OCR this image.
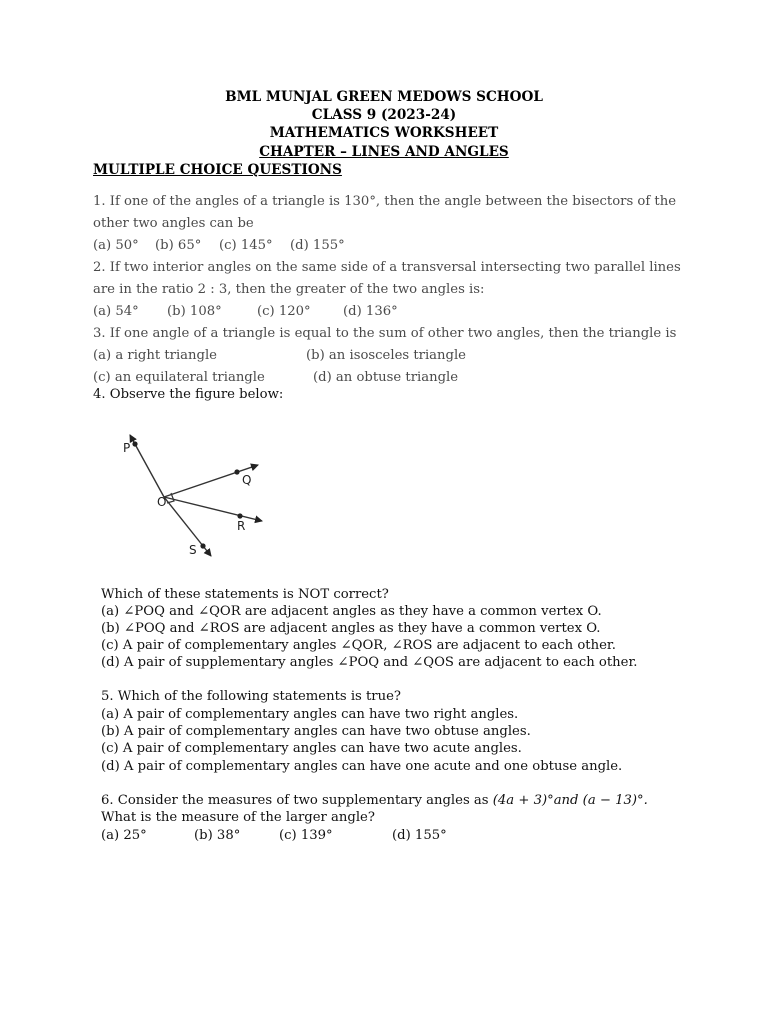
BML MUNJAL GREEN MEDOWS SCHOOL
CLASS 9 (2023-24)
MATHEMATICS WORKSHEET
CHAPTER – LINES AND ANGLES
MULTIPLE CHOICE QUESTIONS
1. If one of the angles of a triangle is 130°, then the angle between the bisectors of the
other two angles can be
(a) 50° (b) 65° (c) 145° (d) 155°
2. If two interior angles on the same side of a transversal intersecting two parallel lines
are in the ratio 2 : 3, then the greater of the two angles is:
(a) 54° (b) 108°	(c) 120° (d) 136°
3. If one angle of a triangle is equal to the sum of other two angles, then the triangle is
(a) a right triangle	(b) an isosceles triangle
(c) an equilateral triangle	(d) an obtuse triangle
4. Observe the figure below:
P
Q
O
R
S
Which of these statements is NOT correct?
(a) ∠POQ and ∠QOR are adjacent angles as they have a common vertex O.
(b) ∠POQ and ∠ROS are adjacent angles as they have a common vertex O.
(c) A pair of complementary angles ∠QOR, ∠ROS are adjacent to each other.
(d) A pair of supplementary angles ∠POQ and ∠QOS are adjacent to each other.
5. Which of the following statements is true?
(a) A pair of complementary angles can have two right angles.
(b) A pair of complementary angles can have two obtuse angles.
(c) A pair of complementary angles can have two acute angles.
(d) A pair of complementary angles can have one acute and one obtuse angle.
6. Consider the measures of two supplementary angles as (4𝑎 + 3)°𝑎𝑛𝑑 (𝑎 − 13)°.
What is the measure of the larger angle?
(a) 25°	(b) 38°	(c) 139°	(d) 155°
